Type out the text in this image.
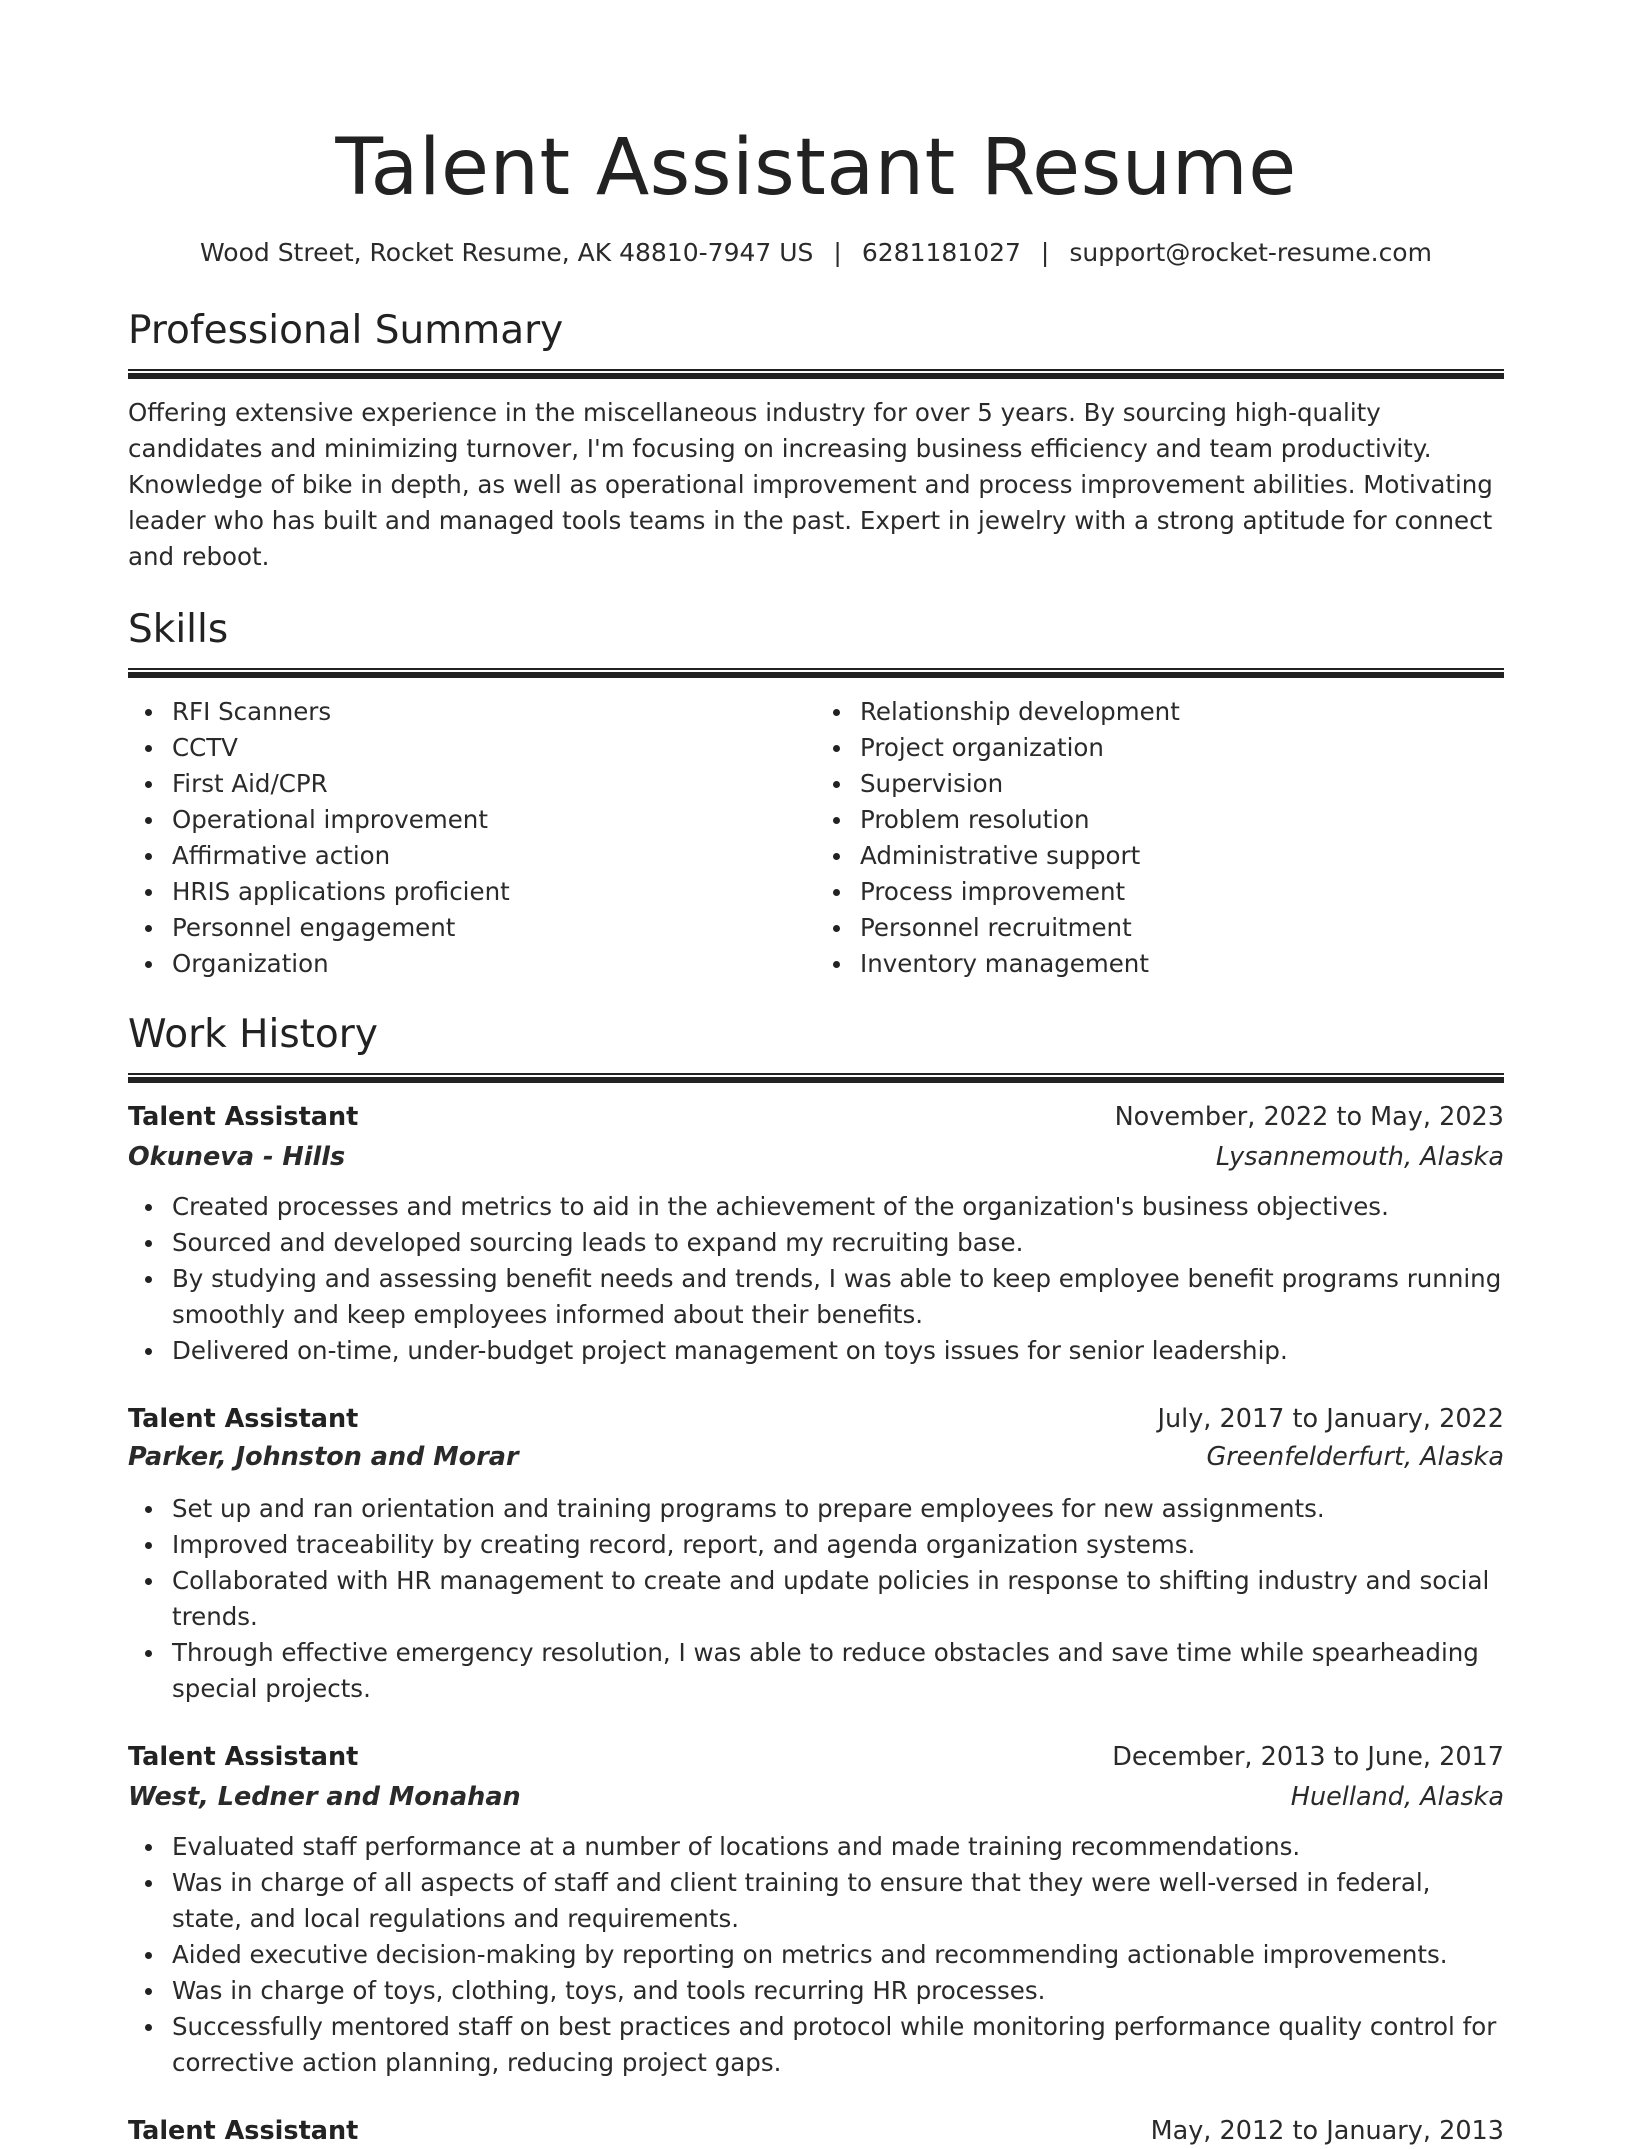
Talent Assistant Resume
Wood Street, Rocket Resume, AK 48810-7947 US | 6281181027 | support@rocket-resume.com
Professional Summary

Offering extensive experience in the miscellaneous industry for over 5 years. By sourcing high-quality candidates and minimizing turnover, I'm focusing on increasing business efficiency and team productivity. Knowledge of bike in depth, as well as operational improvement and process improvement abilities. Motivating leader who has built and managed tools teams in the past. Expert in jewelry with a strong aptitude for connect and reboot.

Skills
RFI Scanners
CCTV
First Aid/CPR
Operational improvement
Affirmative action
HRIS applications proficient
Personnel engagement
Organization
Relationship development
Project organization
Supervision
Problem resolution
Administrative support
Process improvement
Personnel recruitment
Inventory management
Work History
Talent Assistant	November, 2022 to May, 2023
Okuneva - Hills	Lysannemouth, Alaska
Created processes and metrics to aid in the achievement of the organization's business objectives.
Sourced and developed sourcing leads to expand my recruiting base.
By studying and assessing benefit needs and trends, I was able to keep employee benefit programs running smoothly and keep employees informed about their benefits.
Delivered on-time, under-budget project management on toys issues for senior leadership.
Talent Assistant	July, 2017 to January, 2022
Parker, Johnston and Morar	Greenfelderfurt, Alaska
Set up and ran orientation and training programs to prepare employees for new assignments.
Improved traceability by creating record, report, and agenda organization systems.
Collaborated with HR management to create and update policies in response to shifting industry and social trends.
Through effective emergency resolution, I was able to reduce obstacles and save time while spearheading special projects.
Talent Assistant	December, 2013 to June, 2017
West, Ledner and Monahan	Huelland, Alaska
Evaluated staff performance at a number of locations and made training recommendations.
Was in charge of all aspects of staff and client training to ensure that they were well-versed in federal, state, and local regulations and requirements.
Aided executive decision-making by reporting on metrics and recommending actionable improvements.
Was in charge of toys, clothing, toys, and tools recurring HR processes.
Successfully mentored staff on best practices and protocol while monitoring performance quality control for corrective action planning, reducing project gaps.
Talent Assistant	May, 2012 to January, 2013
